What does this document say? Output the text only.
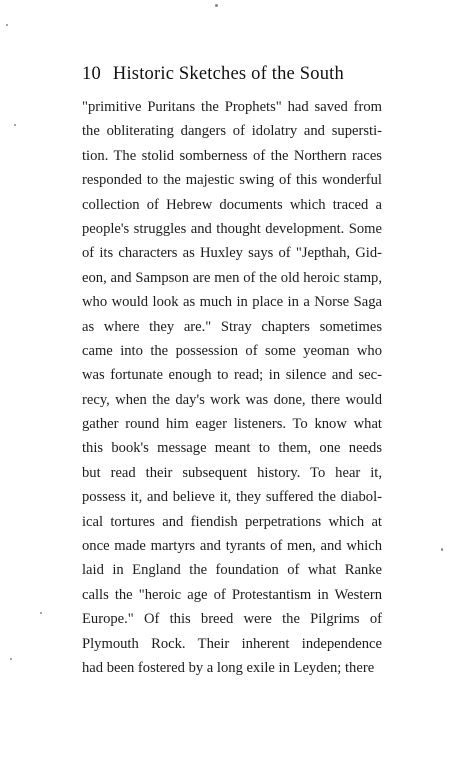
10 Historic Sketches of the South
"primitive Puritans the Prophets" had saved from
the obliterating dangers of idolatry and supersti-
tion. The stolid somberness of the Northern races
responded to the majestic swing of this wonderful
collection of Hebrew documents which traced a
people's struggles and thought development. Some
of its characters as Huxley says of "Jepthah, Gid-
eon, and Sampson are men of the old heroic stamp,
who would look as much in place in a Norse Saga
as where they are." Stray chapters sometimes
came into the possession of some yeoman who
was fortunate enough to read; in silence and sec-
recy, when the day's work was done, there would
gather round him eager listeners. To know what
this book's message meant to them, one needs
but read their subsequent history. To hear it,
possess it, and believe it, they suffered the diabol-
ical tortures and fiendish perpetrations which at
once made martyrs and tyrants of men, and which
laid in England the foundation of what Ranke
calls the "heroic age of Protestantism in Western
Europe." Of this breed were the Pilgrims of
Plymouth Rock. Their inherent independence
had been fostered by a long exile in Leyden; there
